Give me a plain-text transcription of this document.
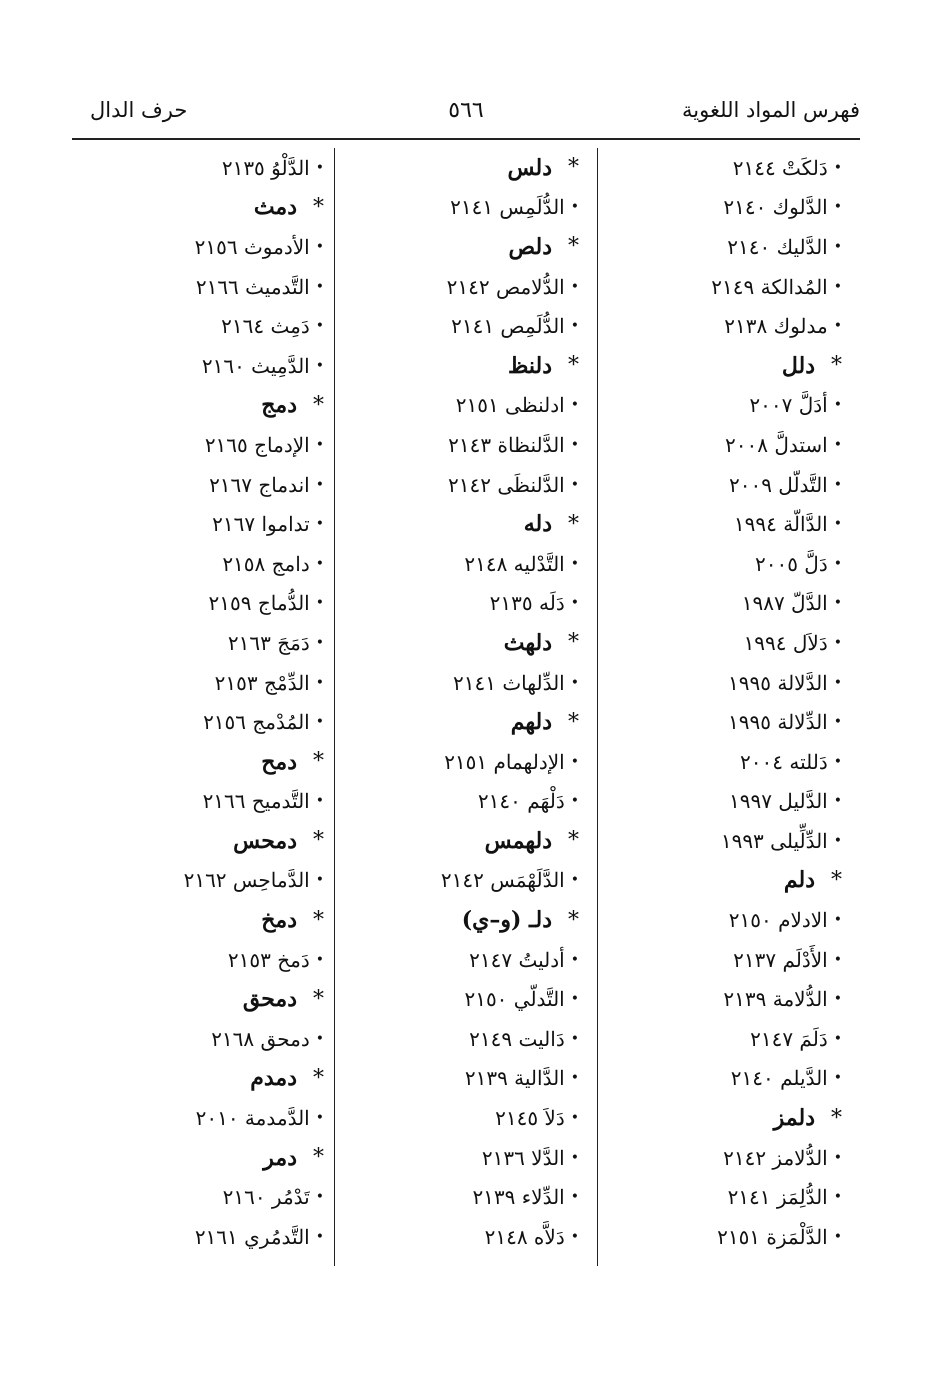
فهرس المواد اللغوية
٥٦٦
حرف الدال
•
دَلكَتْ ٢١٤٤
•
الدَّلوك ٢١٤٠
•
الدَّليك ٢١٤٠
•
المُدالكة ٢١٤٩
•
مدلوك ٢١٣٨
*
دلل
•
أدَلَّ ٢٠٠٧
•
استدلَّ ٢٠٠٨
•
التَّدلّل ٢٠٠٩
•
الدَّالّة ١٩٩٤
•
دَلَّ ٢٠٠٥
•
الدَّلّ ١٩٨٧
•
دَلاَل ١٩٩٤
•
الدَّلالة ١٩٩٥
•
الدِّلالة ١٩٩٥
•
دَللته ٢٠٠٤
•
الدَّليل ١٩٩٧
•
الدِّلِّيلى ١٩٩٣
*
دلم
•
الادلام ٢١٥٠
•
الأَدْلَم ٢١٣٧
•
الدُّلامة ٢١٣٩
•
دَلَمَ ٢١٤٧
•
الدَّيلم ٢١٤٠
*
دلمز
•
الدُّلامز ٢١٤٢
•
الدُّلِمَز ٢١٤١
•
الدَّلْمَزة ٢١٥١
*
دلس
•
الدُّلَمِس ٢١٤١
*
دلص
•
الدُّلامص ٢١٤٢
•
الدُّلَمِص ٢١٤١
*
دلنظ
•
ادلنظى ٢١٥١
•
الدَّلنظاة ٢١٤٣
•
الدَّلنظَى ٢١٤٢
*
دله
•
التَّدْليه ٢١٤٨
•
دَلَه ٢١٣٥
*
دلهث
•
الدِّلهاث ٢١٤١
*
دلهم
•
الإدلهمام ٢١٥١
•
دَلْهَم ٢١٤٠
*
دلهمس
•
الدَّلَهْمَس ٢١٤٢
*
دلـ (و–ي)
•
أدليتُ ٢١٤٧
•
التَّدلّي ٢١٥٠
•
دَاليت ٢١٤٩
•
الدَّالية ٢١٣٩
•
دَلاَ ٢١٤٥
•
الدَّلا ٢١٣٦
•
الدِّلاء ٢١٣٩
•
دَلاَّه ٢١٤٨
•
الدَّلْوُ ٢١٣٥
*
دمث
•
الأدموث ٢١٥٦
•
التَّدميث ٢١٦٦
•
دَمِث ٢١٦٤
•
الدَّمِيث ٢١٦٠
*
دمج
•
الإدماج ٢١٦٥
•
اندماج ٢١٦٧
•
تداموا ٢١٦٧
•
دامج ٢١٥٨
•
الدُّماج ٢١٥٩
•
دَمَجَ ٢١٦٣
•
الدِّمْج ٢١٥٣
•
المُدْمج ٢١٥٦
*
دمح
•
التَّدميح ٢١٦٦
*
دمحس
•
الدَّماحِس ٢١٦٢
*
دمخ
•
دَمخ ٢١٥٣
*
دمحق
•
دمحق ٢١٦٨
*
دمدم
•
الدَّمدمة ٢٠١٠
*
دمر
•
تَدْمُر ٢١٦٠
•
التَّدمُري ٢١٦١
